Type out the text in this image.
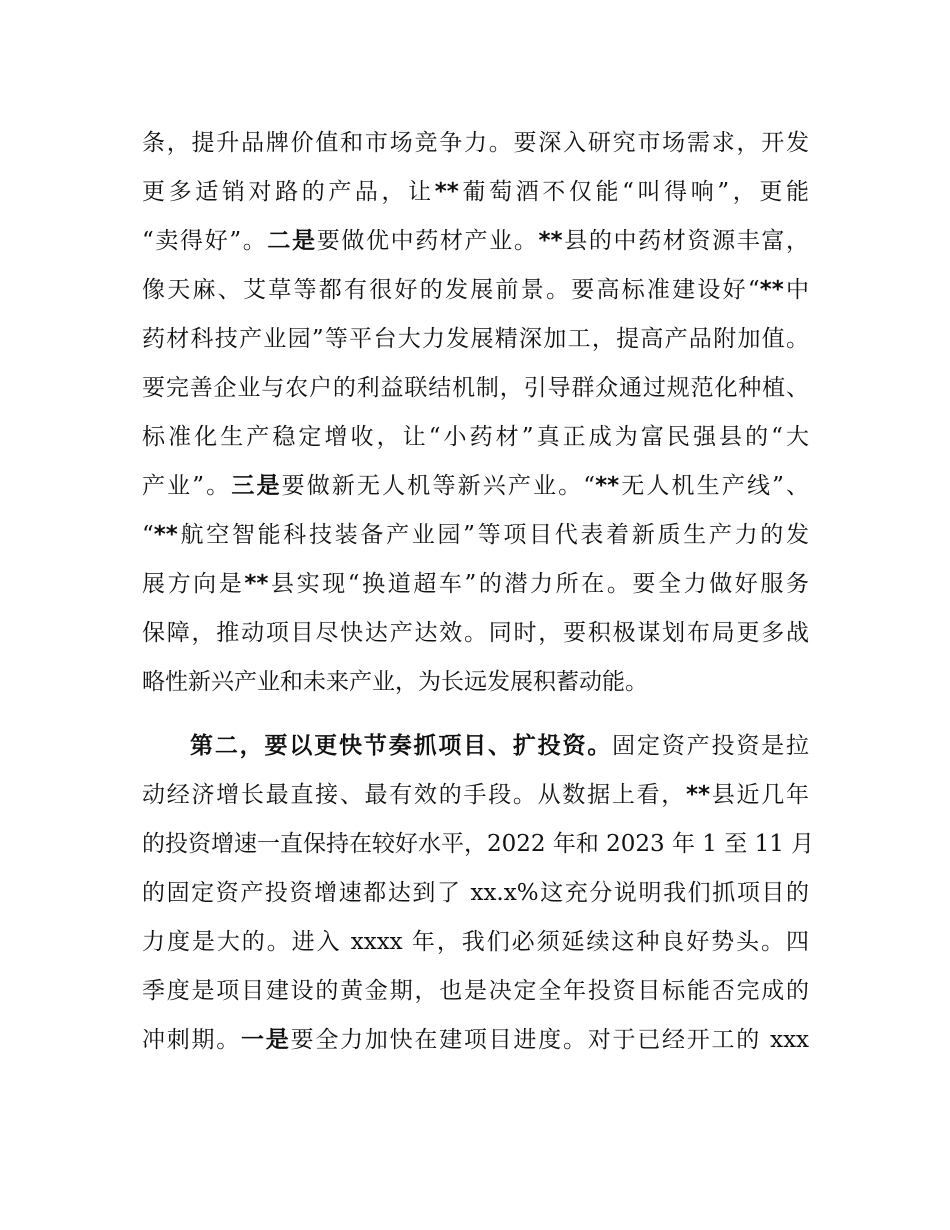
条，提升品牌价值和市场竞争力。要深入研究市场需求，开发
更多适销对路的产品，让**葡萄酒不仅能“叫得响”，更能
“卖得好”。二是要做优中药材产业。**县的中药材资源丰富，
像天麻、艾草等都有很好的发展前景。要高标准建设好“**中
药材科技产业园”等平台大力发展精深加工，提高产品附加值。
要完善企业与农户的利益联结机制，引导群众通过规范化种植、
标准化生产稳定增收，让“小药材”真正成为富民强县的“大
产业”。三是要做新无人机等新兴产业。“**无人机生产线”、
“**航空智能科技装备产业园”等项目代表着新质生产力的发
展方向是**县实现“换道超车”的潜力所在。要全力做好服务
保障，推动项目尽快达产达效。同时，要积极谋划布局更多战
略性新兴产业和未来产业，为长远发展积蓄动能。
第二，要以更快节奏抓项目、扩投资。固定资产投资是拉
动经济增长最直接、最有效的手段。从数据上看，**县近几年
的投资增速一直保持在较好水平，2022 年和 2023 年 1 至 11 月
的固定资产投资增速都达到了 xx.x%这充分说明我们抓项目的
力度是大的。进入 xxxx 年，我们必须延续这种良好势头。四
季度是项目建设的黄金期，也是决定全年投资目标能否完成的
冲刺期。一是要全力加快在建项目进度。对于已经开工的 xxx
